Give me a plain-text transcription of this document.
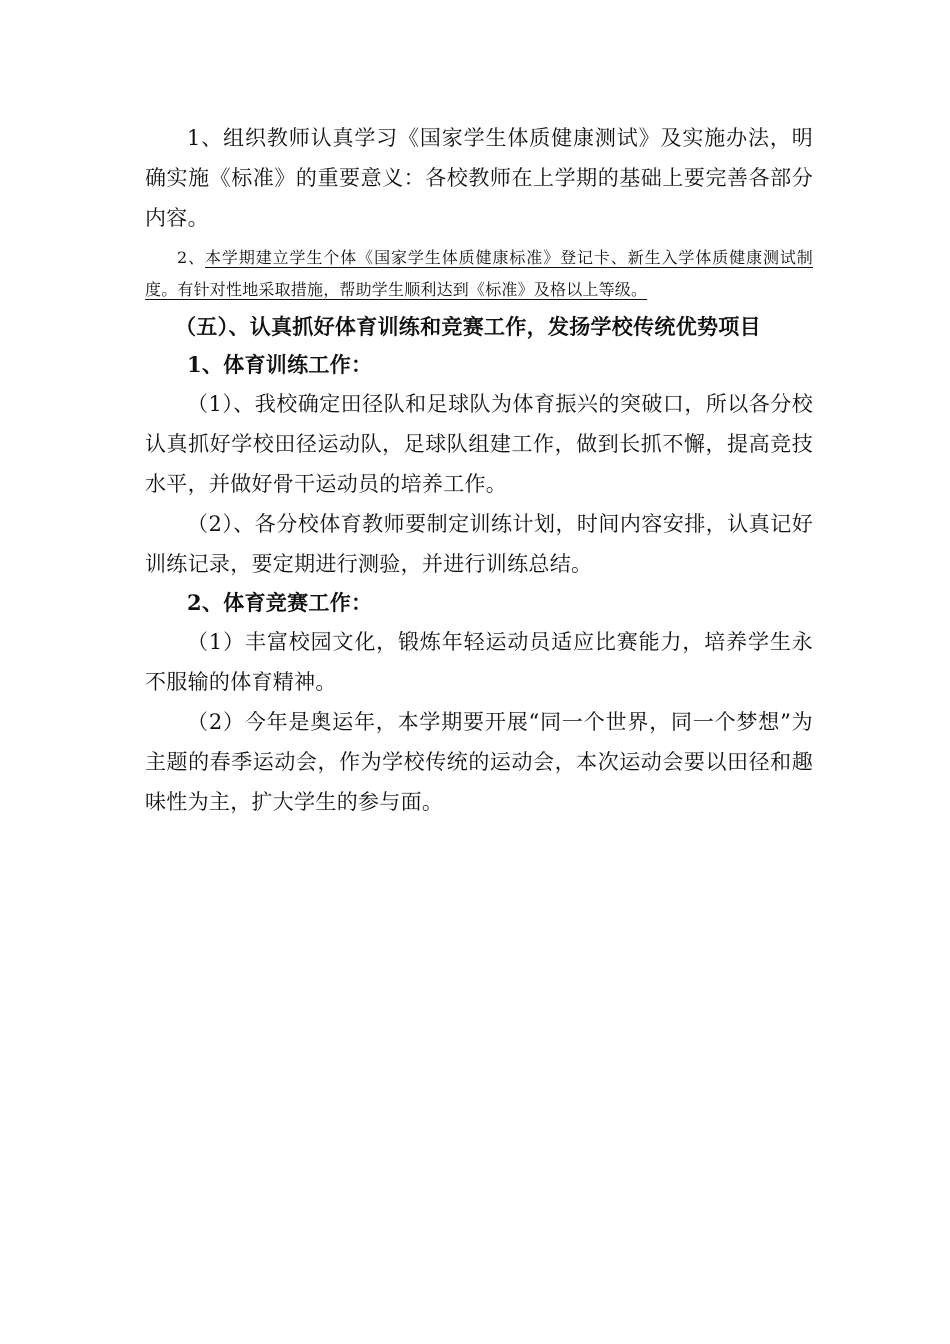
1、组织教师认真学习《国家学生体质健康测试》及实施办法，明确实施《标准》的重要意义：各校教师在上学期的基础上要完善各部分内容。

2、本学期建立学生个体《国家学生体质健康标准》登记卡、新生入学体质健康测试制度。有针对性地采取措施，帮助学生顺利达到《标准》及格以上等级。

（五）、认真抓好体育训练和竞赛工作，发扬学校传统优势项目

1、体育训练工作：

（1）、我校确定田径队和足球队为体育振兴的突破口，所以各分校认真抓好学校田径运动队，足球队组建工作，做到长抓不懈，提高竞技水平，并做好骨干运动员的培养工作。

（2）、各分校体育教师要制定训练计划，时间内容安排，认真记好训练记录，要定期进行测验，并进行训练总结。

2、体育竞赛工作：

（1）丰富校园文化，锻炼年轻运动员适应比赛能力，培养学生永不服输的体育精神。

（2）今年是奥运年，本学期要开展“同一个世界，同一个梦想”为主题的春季运动会，作为学校传统的运动会，本次运动会要以田径和趣味性为主，扩大学生的参与面。
